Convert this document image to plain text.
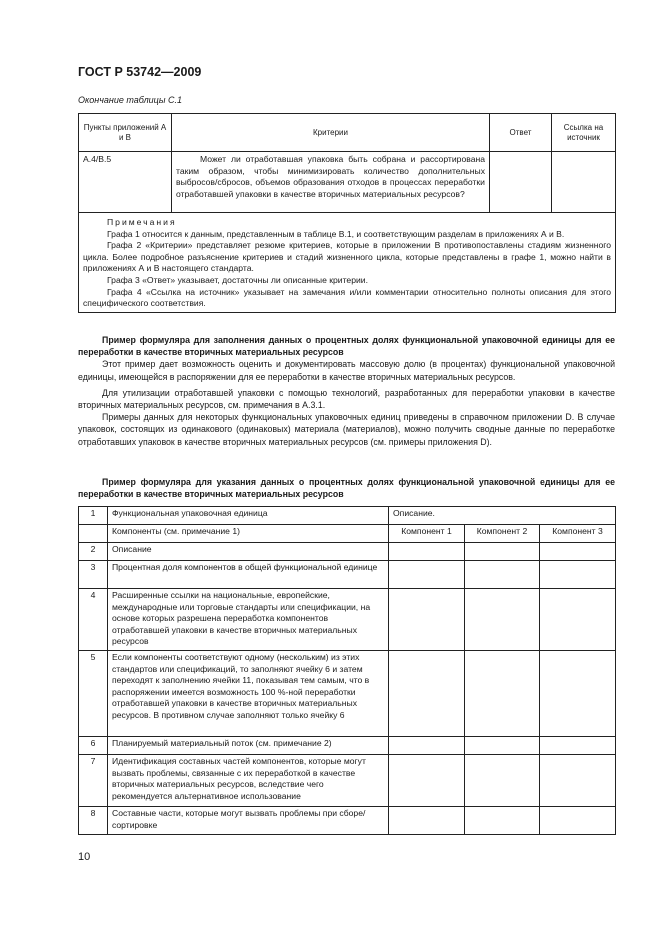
ГОСТ Р 53742—2009
Окончание таблицы С.1
Пункты приложений А и В	Критерии	Ответ	Ссылка на источник
A.4/B.5	Может ли отработавшая упаковка быть собрана и рассортирована таким образом, чтобы минимизировать количество дополнительных выбросов/сбросов, объемов образования отходов в процессах переработки отработавшей упаковки в качестве вторичных материальных ресурсов?		

Примечания

Графа 1 относится к данным, представленным в таблице В.1, и соответствующим разделам в приложениях А и В.

Графа 2 «Критерии» представляет резюме критериев, которые в приложении В противопоставлены стадиям жизненного цикла. Более подробное разъяснение критериев и стадий жизненного цикла, которые представлены в графе 1, можно найти в приложениях А и В настоящего стандарта.

Графа 3 «Ответ» указывает, достаточны ли описанные критерии.

Графа 4 «Ссылка на источник» указывает на замечания и/или комментарии относительно полноты описания для этого специфического соответствия.			

Пример формуляра для заполнения данных о процентных долях функциональной упаковочной единицы для ее переработки в качестве вторичных материальных ресурсов

Этот пример дает возможность оценить и документировать массовую долю (в процентах) функциональной упаковочной единицы, имеющейся в распоряжении для ее переработки в качестве вторичных материальных ресурсов.

Для утилизации отработавшей упаковки с помощью технологий, разработанных для переработки упаковки в качестве вторичных материальных ресурсов, см. примечания в А.3.1.

Примеры данных для некоторых функциональных упаковочных единиц приведены в справочном приложении D. В случае упаковок, состоящих из одинакового (одинаковых) материала (материалов), можно получить сводные данные по переработке отработавших упаковок в качестве вторичных материальных ресурсов (см. примеры приложения D).

Пример формуляра для указания данных о процентных долях функциональной упаковочной единицы для ее переработки в качестве вторичных материальных ресурсов

1	Функциональная упаковочная единица	Описание.		
	Компоненты (см. примечание 1)	Компонент 1	Компонент 2	Компонент 3
2	Описание			
3	Процентная доля компонентов в общей функциональной единице			
4	Расширенные ссылки на национальные, европейские, международные или торговые стандарты или спецификации, на основе которых разрешена переработка компонентов отработавшей упаковки в качестве вторичных материальных ресурсов			
5	Если компоненты соответствуют одному (нескольким) из этих стандартов или спецификаций, то заполняют ячейку 6 и затем переходят к заполнению ячейки 11, показывая тем самым, что в распоряжении имеется возможность 100 %-ной переработки отработавшей упаковки в качестве вторичных материальных ресурсов. В противном случае заполняют только ячейку 6			
6	Планируемый материальный поток (см. примечание 2)			
7	Идентификация составных частей компонентов, которые могут вызвать проблемы, связанные с их переработкой в качестве вторичных материальных ресурсов, вследствие чего рекомендуется альтернативное использование			
8	Составные части, которые могут вызвать проблемы при сборе/сортировке			
10
